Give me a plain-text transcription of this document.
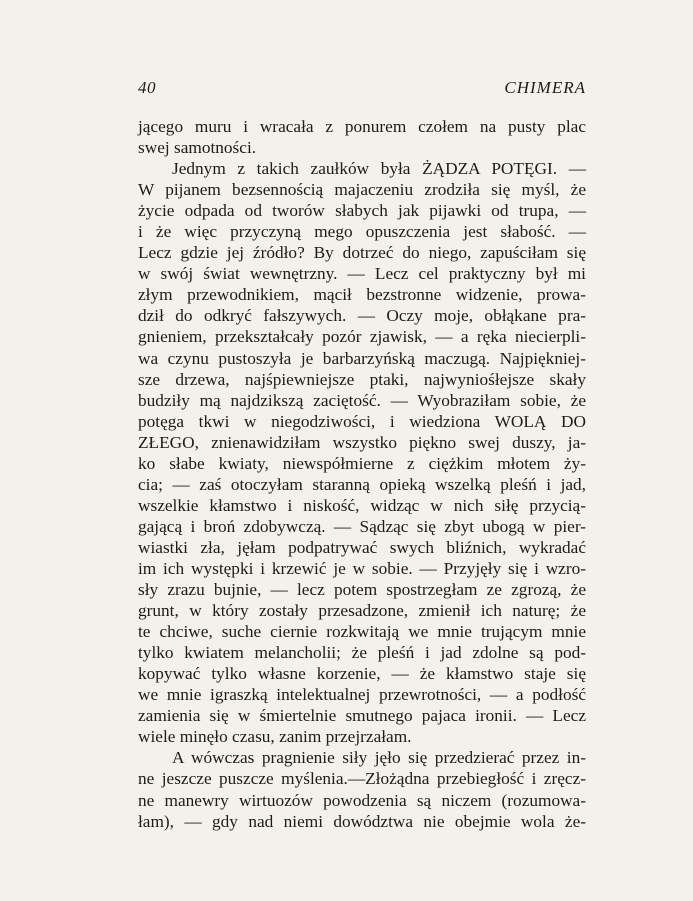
40	CHIMERA
jącego muru i wracała z ponurem czołem na pusty plac
swej samotności.
Jednym z takich zaułków była ŻĄDZA POTĘGI. —
W pijanem bezsennością majaczeniu zrodziła się myśl, że
życie odpada od tworów słabych jak pijawki od trupa, —
i że więc przyczyną mego opuszczenia jest słabość. —
Lecz gdzie jej źródło? By dotrzeć do niego, zapuściłam się
w swój świat wewnętrzny. — Lecz cel praktyczny był mi
złym przewodnikiem, mącił bezstronne widzenie, prowa-
dził do odkryć fałszywych. — Oczy moje, obłąkane pra-
gnieniem, przekształcały pozór zjawisk, — a ręka niecierpli-
wa czynu pustoszyła je barbarzyńską maczugą. Najpiękniej-
sze drzewa, najśpiewniejsze ptaki, najwyniośłejsze skały
budziły mą najdzikszą zaciętość. — Wyobraziłam sobie, że
potęga tkwi w niegodziwości, i wiedziona WOLĄ DO
ZŁEGO, znienawidziłam wszystko piękno swej duszy, ja-
ko słabe kwiaty, niewspółmierne z ciężkim młotem ży-
cia; — zaś otoczyłam staranną opieką wszelką pleśń i jad,
wszelkie kłamstwo i niskość, widząc w nich siłę przycią-
gającą i broń zdobywczą. — Sądząc się zbyt ubogą w pier-
wiastki zła, jęłam podpatrywać swych bliźnich, wykradać
im ich występki i krzewić je w sobie. — Przyjęły się i wzro-
sły zrazu bujnie, — lecz potem spostrzegłam ze zgrozą, że
grunt, w który zostały przesadzone, zmienił ich naturę; że
te chciwe, suche ciernie rozkwitają we mnie trującym mnie
tylko kwiatem melancholii; że pleśń i jad zdolne są pod-
kopywać tylko własne korzenie, — że kłamstwo staje się
we mnie igraszką intelektualnej przewrotności, — a podłość
zamienia się w śmiertelnie smutnego pajaca ironii. — Lecz
wiele minęło czasu, zanim przejrzałam.
A wówczas pragnienie siły jęło się przedzierać przez in-
ne jeszcze puszcze myślenia.—Złożądna przebiegłość i zręcz-
ne manewry wirtuozów powodzenia są niczem (rozumowa-
łam), — gdy nad niemi dowództwa nie obejmie wola że-
